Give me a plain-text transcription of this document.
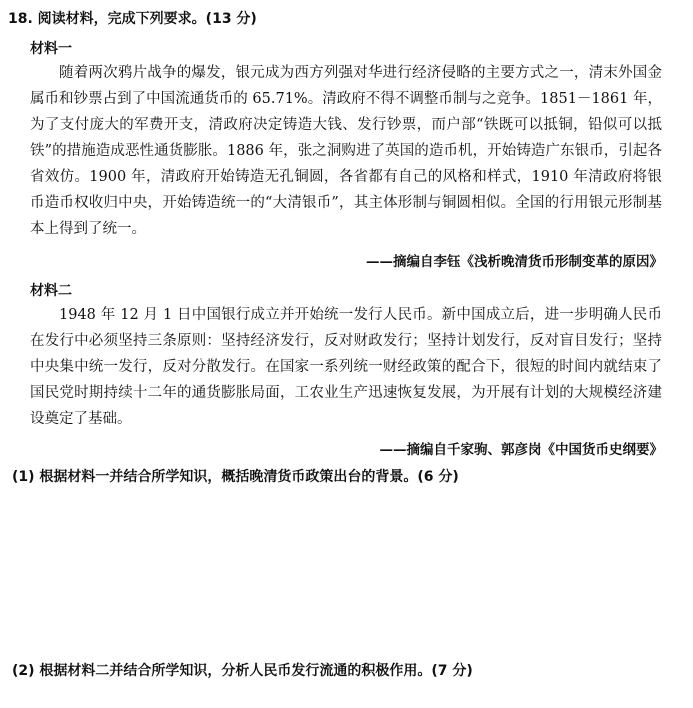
18. 阅读材料，完成下列要求。(13 分)
材料一

随着两次鸦片战争的爆发，银元成为西方列强对华进行经济侵略的主要方式之一，清末外国金属币和钞票占到了中国流通货币的 65.71%。清政府不得不调整币制与之竞争。1851－1861 年，为了支付庞大的军费开支，清政府决定铸造大钱、发行钞票，而户部“铁既可以抵铜，铅似可以抵铁”的措施造成恶性通货膨胀。1886 年，张之洞购进了英国的造币机，开始铸造广东银币，引起各省效仿。1900 年，清政府开始铸造无孔铜圆，各省都有自己的风格和样式，1910 年清政府将银币造币权收归中央，开始铸造统一的“大清银币”，其主体形制与铜圆相似。全国的行用银元形制基本上得到了统一。

——摘编自李钰《浅析晚清货币形制变革的原因》
材料二

1948 年 12 月 1 日中国银行成立并开始统一发行人民币。新中国成立后，进一步明确人民币在发行中必须坚持三条原则：坚持经济发行，反对财政发行；坚持计划发行，反对盲目发行；坚持中央集中统一发行，反对分散发行。在国家一系列统一财经政策的配合下，很短的时间内就结束了国民党时期持续十二年的通货膨胀局面，工农业生产迅速恢复发展，为开展有计划的大规模经济建设奠定了基础。

——摘编自千家驹、郭彦岗《中国货币史纲要》
(1) 根据材料一并结合所学知识，概括晚清货币政策出台的背景。(6 分)
(2) 根据材料二并结合所学知识，分析人民币发行流通的积极作用。(7 分)
